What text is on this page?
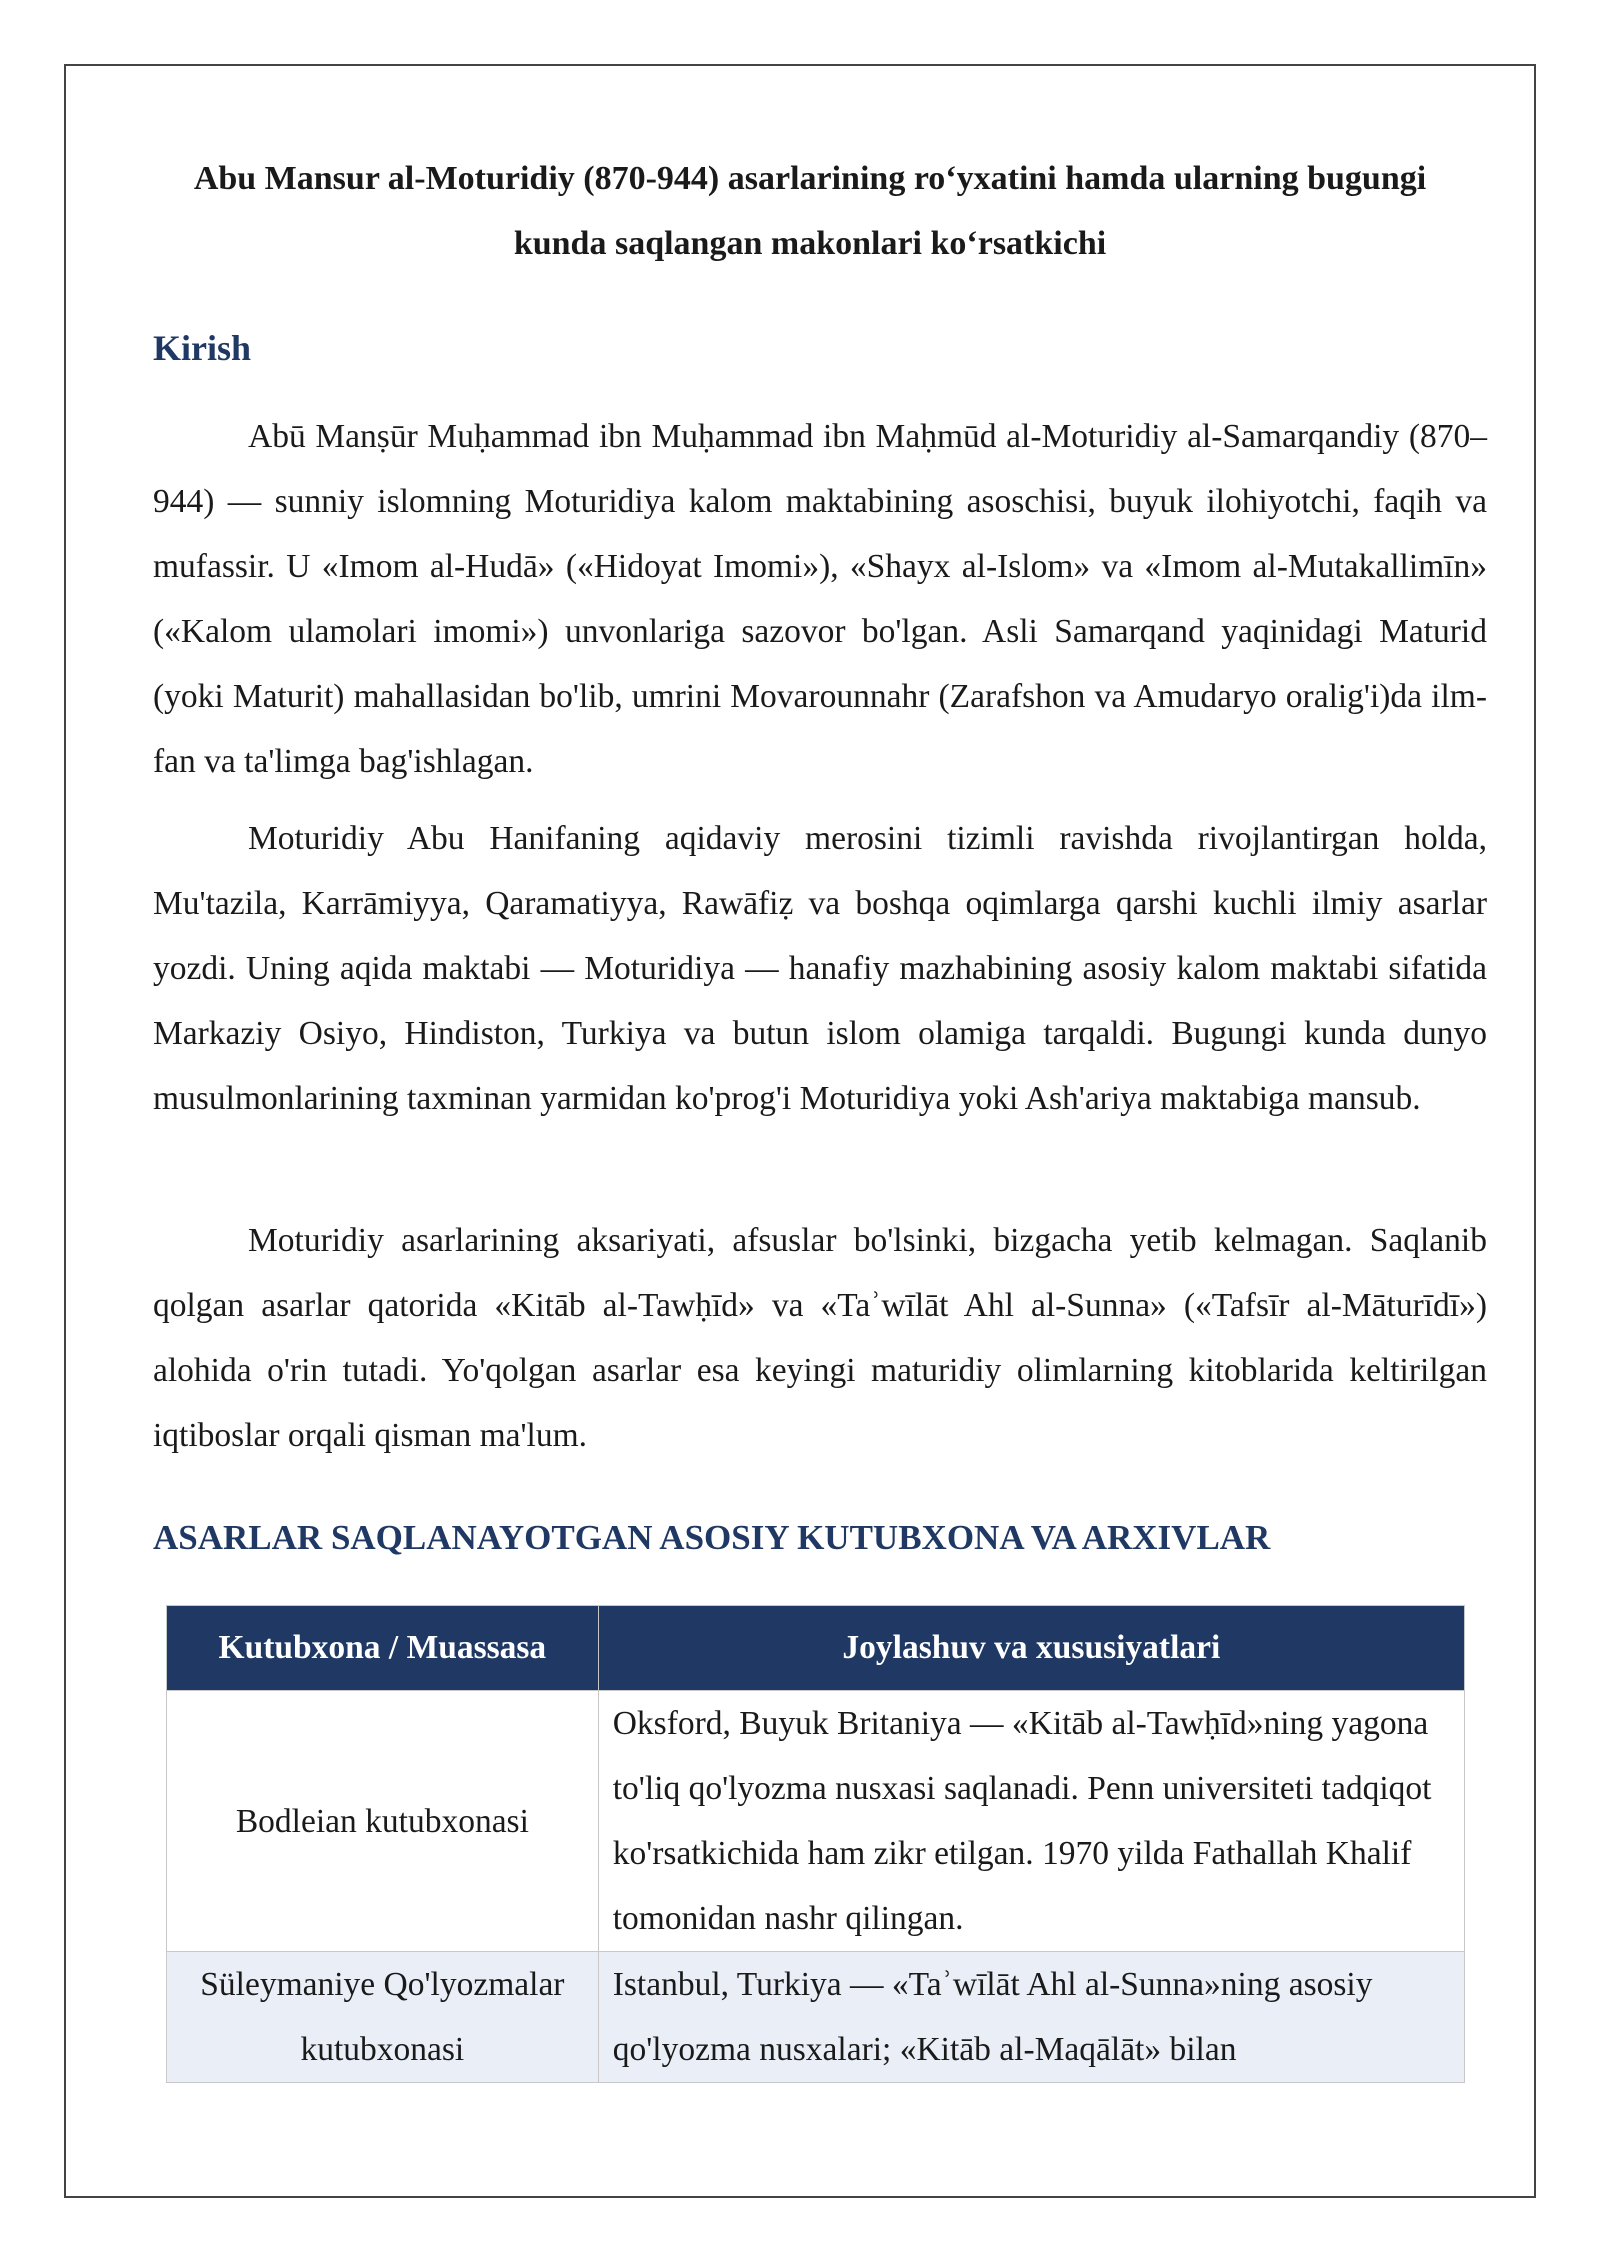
Abu Mansur al-Moturidiy (870-944) asarlarining ro‘yxatini hamda ularning bugungi kunda saqlangan makonlari ko‘rsatkichi
Kirish

Abū Manṣūr Muḥammad ibn Muḥammad ibn Maḥmūd al-Moturidiy al-Samarqandiy (870–944) — sunniy islomning Moturidiya kalom maktabining asoschisi, buyuk ilohiyotchi, faqih va mufassir. U «Imom al-Hudā» («Hidoyat Imomi»), «Shayx al-Islom» va «Imom al-Mutakallimīn» («Kalom ulamolari imomi») unvonlariga sazovor bo'lgan. Asli Samarqand yaqinidagi Maturid (yoki Maturit) mahallasidan bo'lib, umrini Movarounnahr (Zarafshon va Amudaryo oralig'i)da ilm-fan va ta'limga bag'ishlagan.

Moturidiy Abu Hanifaning aqidaviy merosini tizimli ravishda rivojlantirgan holda, Mu'tazila, Karrāmiyya, Qaramatiyya, Rawāfiẓ va boshqa oqimlarga qarshi kuchli ilmiy asarlar yozdi. Uning aqida maktabi — Moturidiya — hanafiy mazhabining asosiy kalom maktabi sifatida Markaziy Osiyo, Hindiston, Turkiya va butun islom olamiga tarqaldi. Bugungi kunda dunyo musulmonlarining taxminan yarmidan ko'prog'i Moturidiya yoki Ash'ariya maktabiga mansub.

Moturidiy asarlarining aksariyati, afsuslar bo'lsinki, bizgacha yetib kelmagan. Saqlanib qolgan asarlar qatorida «Kitāb al-Tawḥīd» va «Taʾwīlāt Ahl al-Sunna» («Tafsīr al-Māturīdī») alohida o'rin tutadi. Yo'qolgan asarlar esa keyingi maturidiy olimlarning kitoblarida keltirilgan iqtiboslar orqali qisman ma'lum.

ASARLAR SAQLANAYOTGAN ASOSIY KUTUBXONA VA ARXIVLAR
Kutubxona / Muassasa	Joylashuv va xususiyatlari
Bodleian kutubxonasi	Oksford, Buyuk Britaniya — «Kitāb al-Tawḥīd»ning yagona to'liq qo'lyozma nusxasi saqlanadi. Penn universiteti tadqiqot ko'rsatkichida ham zikr etilgan. 1970 yilda Fathallah Khalif tomonidan nashr qilingan.
Süleymaniye Qo'lyozmalar kutubxonasi	Istanbul, Turkiya — «Taʾwīlāt Ahl al-Sunna»ning asosiy qo'lyozma nusxalari; «Kitāb al-Maqālāt» bilan
